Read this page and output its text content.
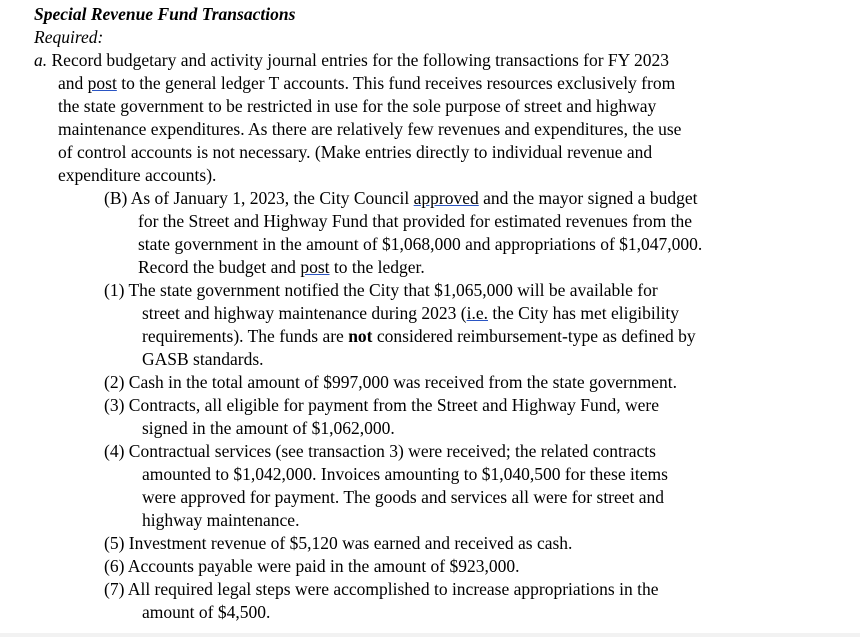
Special Revenue Fund Transactions
Required:
a. Record budgetary and activity journal entries for the following transactions for FY 2023
and post to the general ledger T accounts. This fund receives resources exclusively from
the state government to be restricted in use for the sole purpose of street and highway
maintenance expenditures. As there are relatively few revenues and expenditures, the use
of control accounts is not necessary. (Make entries directly to individual revenue and
expenditure accounts).
(B) As of January 1, 2023, the City Council approved and the mayor signed a budget
for the Street and Highway Fund that provided for estimated revenues from the
state government in the amount of $1,068,000 and appropriations of $1,047,000.
Record the budget and post to the ledger.
(1) The state government notified the City that $1,065,000 will be available for
street and highway maintenance during 2023 (i.e. the City has met eligibility
requirements). The funds are not considered reimbursement-type as defined by
GASB standards.
(2) Cash in the total amount of $997,000 was received from the state government.
(3) Contracts, all eligible for payment from the Street and Highway Fund, were
signed in the amount of $1,062,000.
(4) Contractual services (see transaction 3) were received; the related contracts
amounted to $1,042,000. Invoices amounting to $1,040,500 for these items
were approved for payment. The goods and services all were for street and
highway maintenance.
(5) Investment revenue of $5,120 was earned and received as cash.
(6) Accounts payable were paid in the amount of $923,000.
(7) All required legal steps were accomplished to increase appropriations in the
amount of $4,500.
